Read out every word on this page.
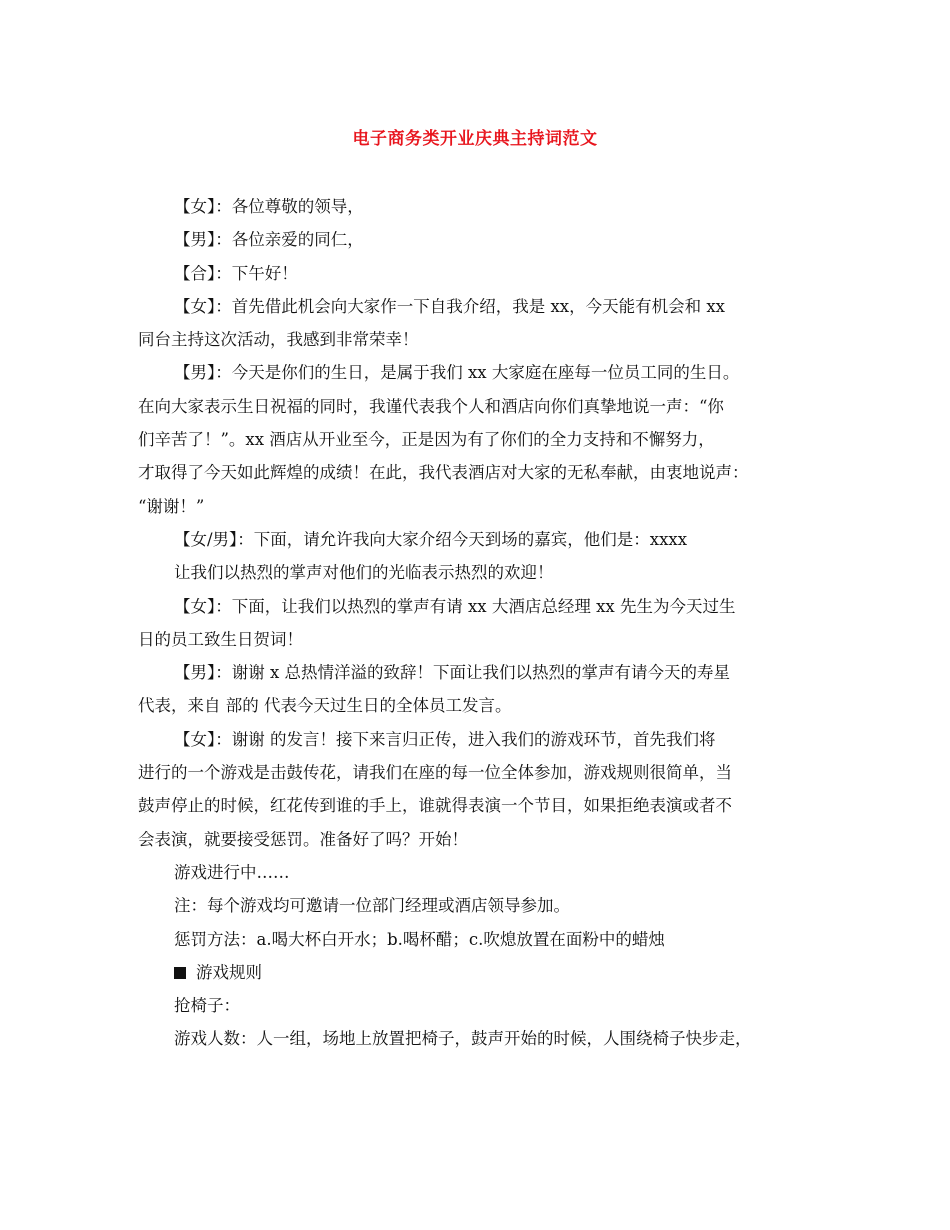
电子商务类开业庆典主持词范文
【女】：各位尊敬的领导，
【男】：各位亲爱的同仁，
【合】：下午好！
【女】：首先借此机会向大家作一下自我介绍，我是 xx，今天能有机会和 xx
同台主持这次活动，我感到非常荣幸！
【男】：今天是你们的生日，是属于我们 xx 大家庭在座每一位员工同的生日。
在向大家表示生日祝福的同时，我谨代表我个人和酒店向你们真挚地说一声：“你
们辛苦了！”。xx 酒店从开业至今，正是因为有了你们的全力支持和不懈努力，
才取得了今天如此辉煌的成绩！在此，我代表酒店对大家的无私奉献，由衷地说声：
“谢谢！”
【女/男】：下面，请允许我向大家介绍今天到场的嘉宾，他们是：xxxx
让我们以热烈的掌声对他们的光临表示热烈的欢迎！
【女】：下面，让我们以热烈的掌声有请 xx 大酒店总经理 xx 先生为今天过生
日的员工致生日贺词！
【男】：谢谢 x 总热情洋溢的致辞！下面让我们以热烈的掌声有请今天的寿星
代表，来自 部的 代表今天过生日的全体员工发言。
【女】：谢谢 的发言！接下来言归正传，进入我们的游戏环节，首先我们将
进行的一个游戏是击鼓传花，请我们在座的每一位全体参加，游戏规则很简单，当
鼓声停止的时候，红花传到谁的手上，谁就得表演一个节目，如果拒绝表演或者不
会表演，就要接受惩罚。准备好了吗？开始！
游戏进行中……
注：每个游戏均可邀请一位部门经理或酒店领导参加。
惩罚方法：a.喝大杯白开水；b.喝杯醋；c.吹熄放置在面粉中的蜡烛
游戏规则
抢椅子：
游戏人数：人一组，场地上放置把椅子，鼓声开始的时候，人围绕椅子快步走，
